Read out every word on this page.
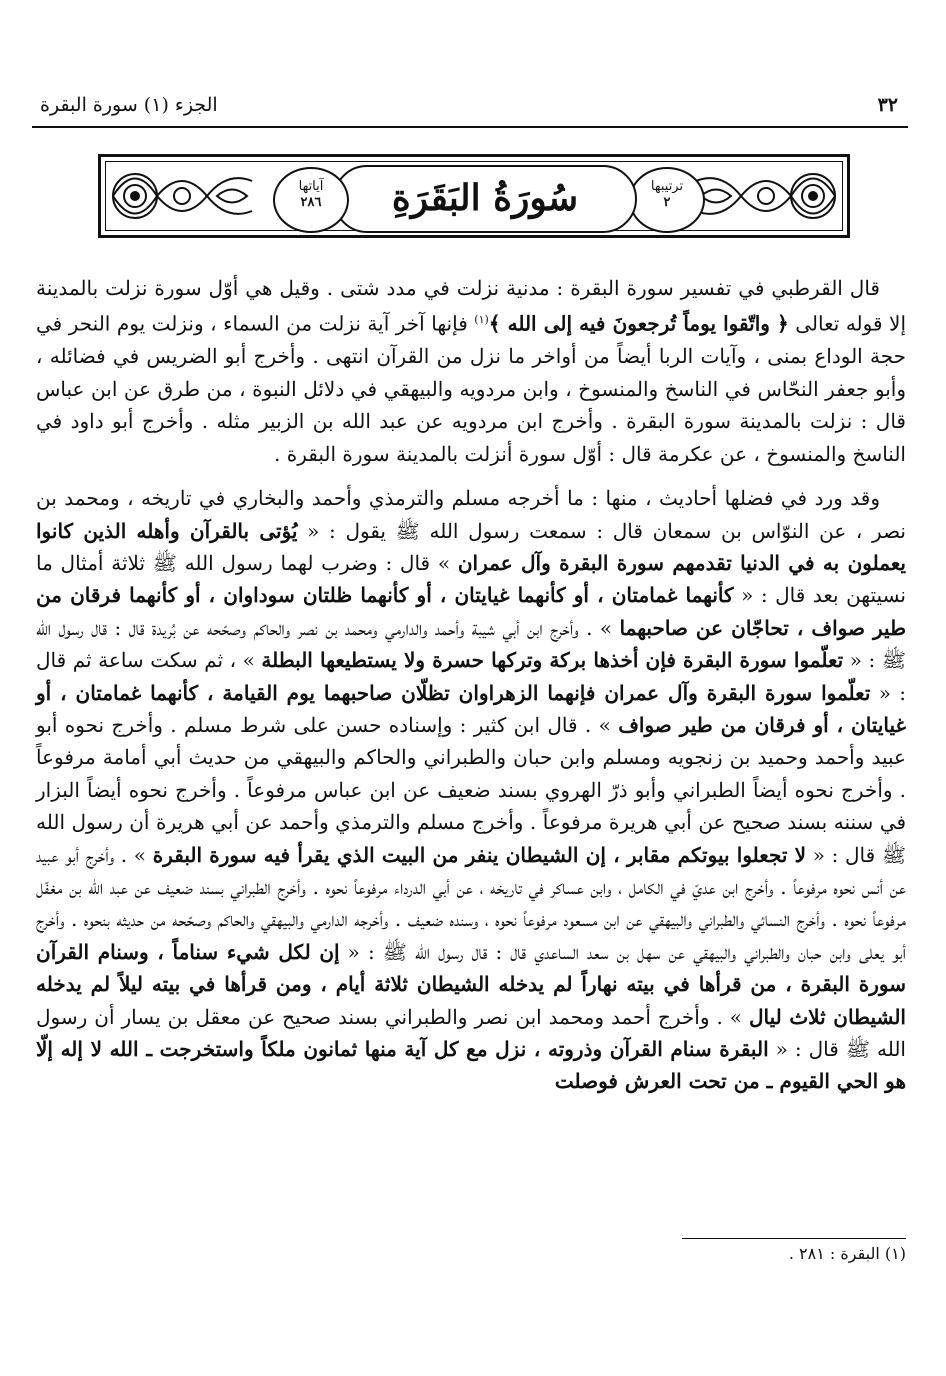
٣٢
الجزء (١) سورة البقرة
ترتيبها
٢
سُورَةُ البَقَرَةِ
آياتها
٢٨٦

قال القرطبي في تفسير سورة البقرة : مدنية نزلت في مدد شتى . وقيل هي أوّل سورة نزلت بالمدينة إلا قوله تعالى ﴿ واتّقوا يوماً تُرجعونَ فيه إلى الله ﴾$^{(١)}$ فإنها آخر آية نزلت من السماء ، ونزلت يوم النحر في حجة الوداع بمنى ، وآيات الربا أيضاً من أواخر ما نزل من القرآن انتهى . وأخرج أبو الضريس في فضائله ، وأبو جعفر النحّاس في الناسخ والمنسوخ ، وابن مردويه والبيهقي في دلائل النبوة ، من طرق عن ابن عباس قال : نزلت بالمدينة سورة البقرة . وأخرج ابن مردويه عن عبد الله بن الزبير مثله . وأخرج أبو داود في الناسخ والمنسوخ ، عن عكرمة قال : أوّل سورة أنزلت بالمدينة سورة البقرة .

وقد ورد في فضلها أحاديث ، منها : ما أخرجه مسلم والترمذي وأحمد والبخاري في تاريخه ، ومحمد بن نصر ، عن النوّاس بن سمعان قال : سمعت رسول الله ﷺ يقول : « يُؤتى بالقرآن وأهله الذين كانوا يعملون به في الدنيا تقدمهم سورة البقرة وآل عمران » قال : وضرب لهما رسول الله ﷺ ثلاثة أمثال ما نسيتهن بعد قال : « كأنهما غمامتان ، أو كأنهما غيايتان ، أو كأنهما ظلتان سوداوان ، أو كأنهما فرقان من طير صواف ، تحاجّان عن صاحبهما » . وأخرج ابن أبي شيبة وأحمد والدارمي ومحمد بن نصر والحاكم وصحّحه عن بُريدة قال : قال رسول الله ﷺ : « تعلّموا سورة البقرة فإن أخذها بركة وتركها حسرة ولا يستطيعها البطلة » ، ثم سكت ساعة ثم قال : « تعلّموا سورة البقرة وآل عمران فإنهما الزهراوان تظلّان صاحبهما يوم القيامة ، كأنهما غمامتان ، أو غيايتان ، أو فرقان من طير صواف » . قال ابن كثير : وإسناده حسن على شرط مسلم . وأخرج نحوه أبو عبيد وأحمد وحميد بن زنجويه ومسلم وابن حبان والطبراني والحاكم والبيهقي من حديث أبي أمامة مرفوعاً . وأخرج نحوه أيضاً الطبراني وأبو ذرّ الهروي بسند ضعيف عن ابن عباس مرفوعاً . وأخرج نحوه أيضاً البزار في سننه بسند صحيح عن أبي هريرة مرفوعاً . وأخرج مسلم والترمذي وأحمد عن أبي هريرة أن رسول الله ﷺ قال : « لا تجعلوا بيوتكم مقابر ، إن الشيطان ينفر من البيت الذي يقرأ فيه سورة البقرة » . وأخرج أبو عبيد عن أنس نحوه مرفوعاً . وأخرج ابن عديّ في الكامل ، وابن عساكر في تاريخه ، عن أبي الدرداء مرفوعاً نحوه . وأخرج الطبراني بسند ضعيف عن عبد الله بن مغفّل مرفوعاً نحوه . وأخرج النسائي والطبراني والبيهقي عن ابن مسعود مرفوعاً نحوه ، وسنده ضعيف . وأخرجه الدارمي والبيهقي والحاكم وصحّحه من حديثه بنحوه . وأخرج أبو يعلى وابن حبان والطبراني والبيهقي عن سهل بن سعد الساعدي قال : قال رسول الله ﷺ : « إن لكل شيء سناماً ، وسنام القرآن سورة البقرة ، من قرأها في بيته نهاراً لم يدخله الشيطان ثلاثة أيام ، ومن قرأها في بيته ليلاً لم يدخله الشيطان ثلاث ليال » . وأخرج أحمد ومحمد ابن نصر والطبراني بسند صحيح عن معقل بن يسار أن رسول الله ﷺ قال : « البقرة سنام القرآن وذروته ، نزل مع كل آية منها ثمانون ملكاً واستخرجت ـ الله لا إله إلّا هو الحي القيوم ـ من تحت العرش فوصلت

(١) البقرة : ٢٨١ .
